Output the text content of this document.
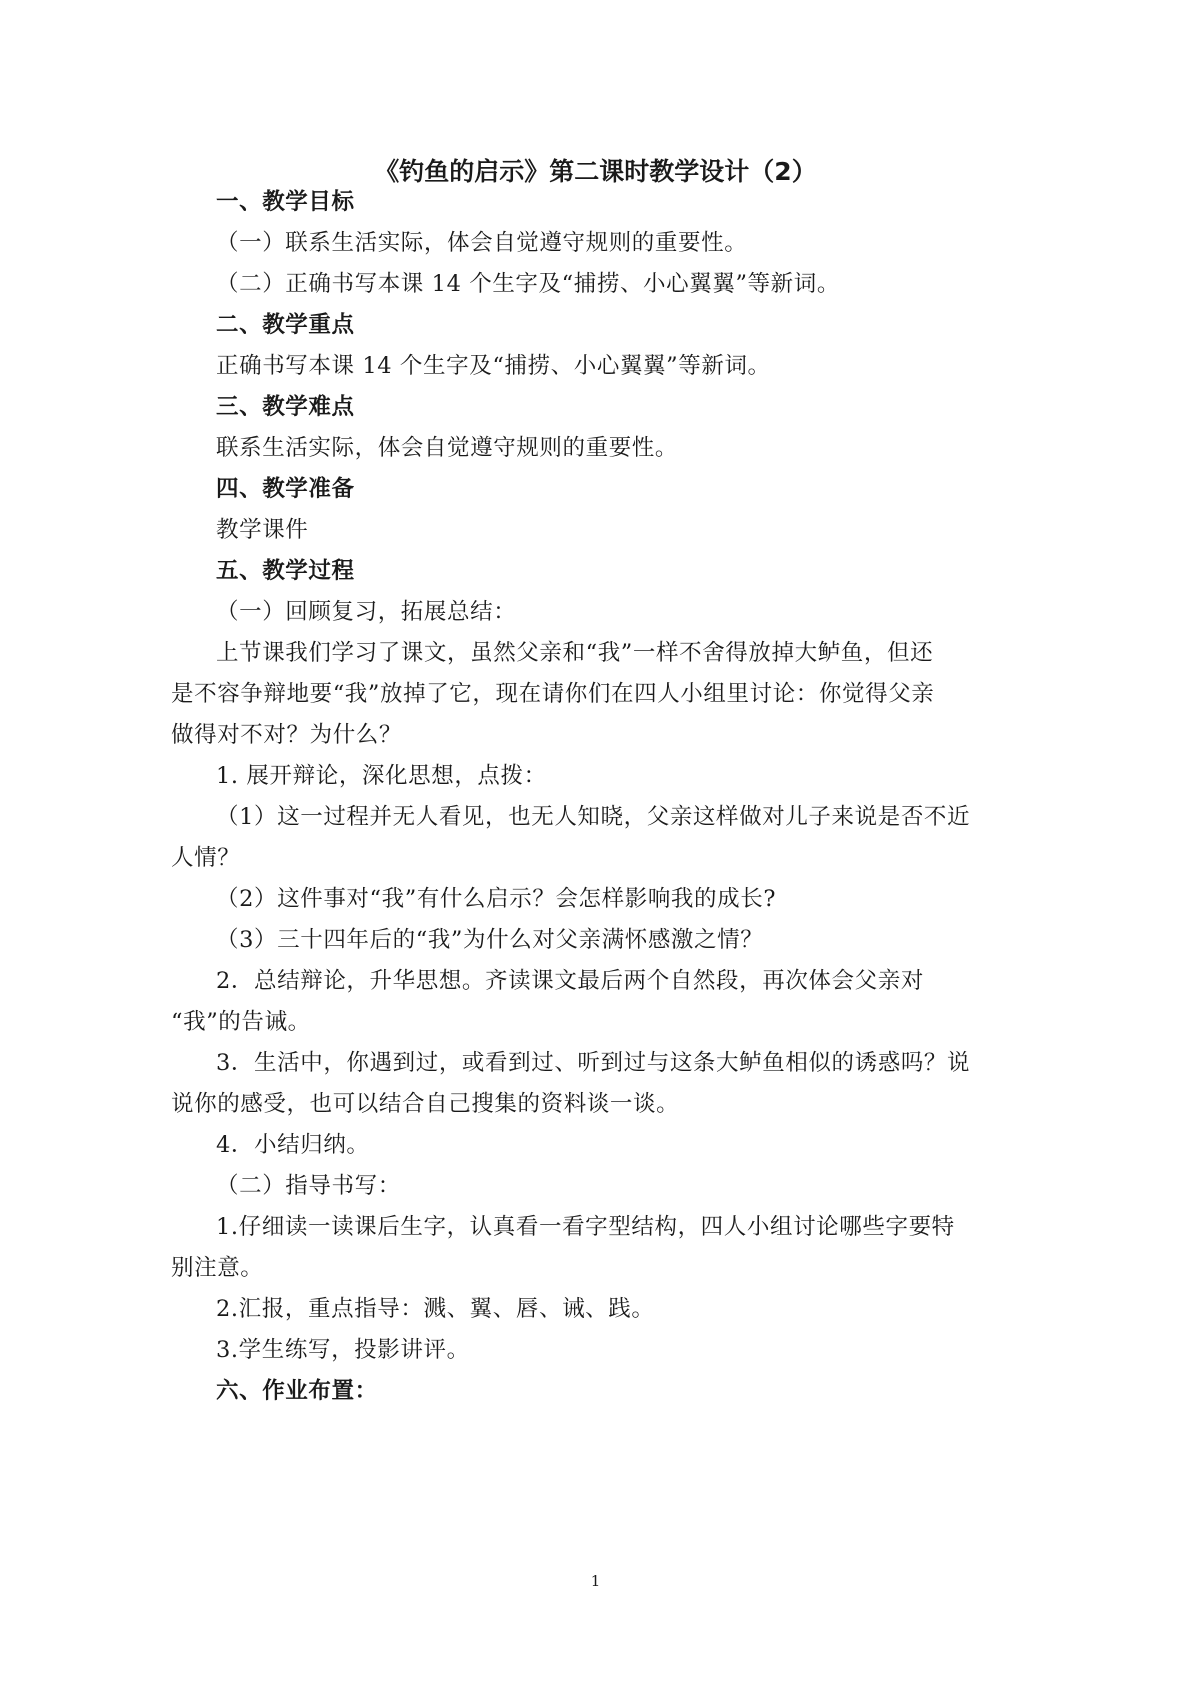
《钓鱼的启示》第二课时教学设计（2）
一、教学目标
（一）联系生活实际，体会自觉遵守规则的重要性。
（二）正确书写本课 14 个生字及“捕捞、小心翼翼”等新词。
二、教学重点
正确书写本课 14 个生字及“捕捞、小心翼翼”等新词。
三、教学难点
联系生活实际，体会自觉遵守规则的重要性。
四、教学准备
教学课件
五、教学过程
（一）回顾复习，拓展总结：
上节课我们学习了课文，虽然父亲和“我”一样不舍得放掉大鲈鱼，但还
是不容争辩地要“我”放掉了它，现在请你们在四人小组里讨论：你觉得父亲
做得对不对？为什么？
1. 展开辩论，深化思想，点拨：
（1）这一过程并无人看见，也无人知晓，父亲这样做对儿子来说是否不近
人情？
（2）这件事对“我”有什么启示？会怎样影响我的成长?
（3）三十四年后的“我”为什么对父亲满怀感激之情？
2．总结辩论，升华思想。齐读课文最后两个自然段，再次体会父亲对
“我”的告诫。
3．生活中，你遇到过，或看到过、听到过与这条大鲈鱼相似的诱惑吗？说
说你的感受，也可以结合自己搜集的资料谈一谈。
4．小结归纳。
（二）指导书写：
1.仔细读一读课后生字，认真看一看字型结构，四人小组讨论哪些字要特
别注意。
2.汇报，重点指导：溅、翼、唇、诫、践。
3.学生练写，投影讲评。
六、作业布置：
1
